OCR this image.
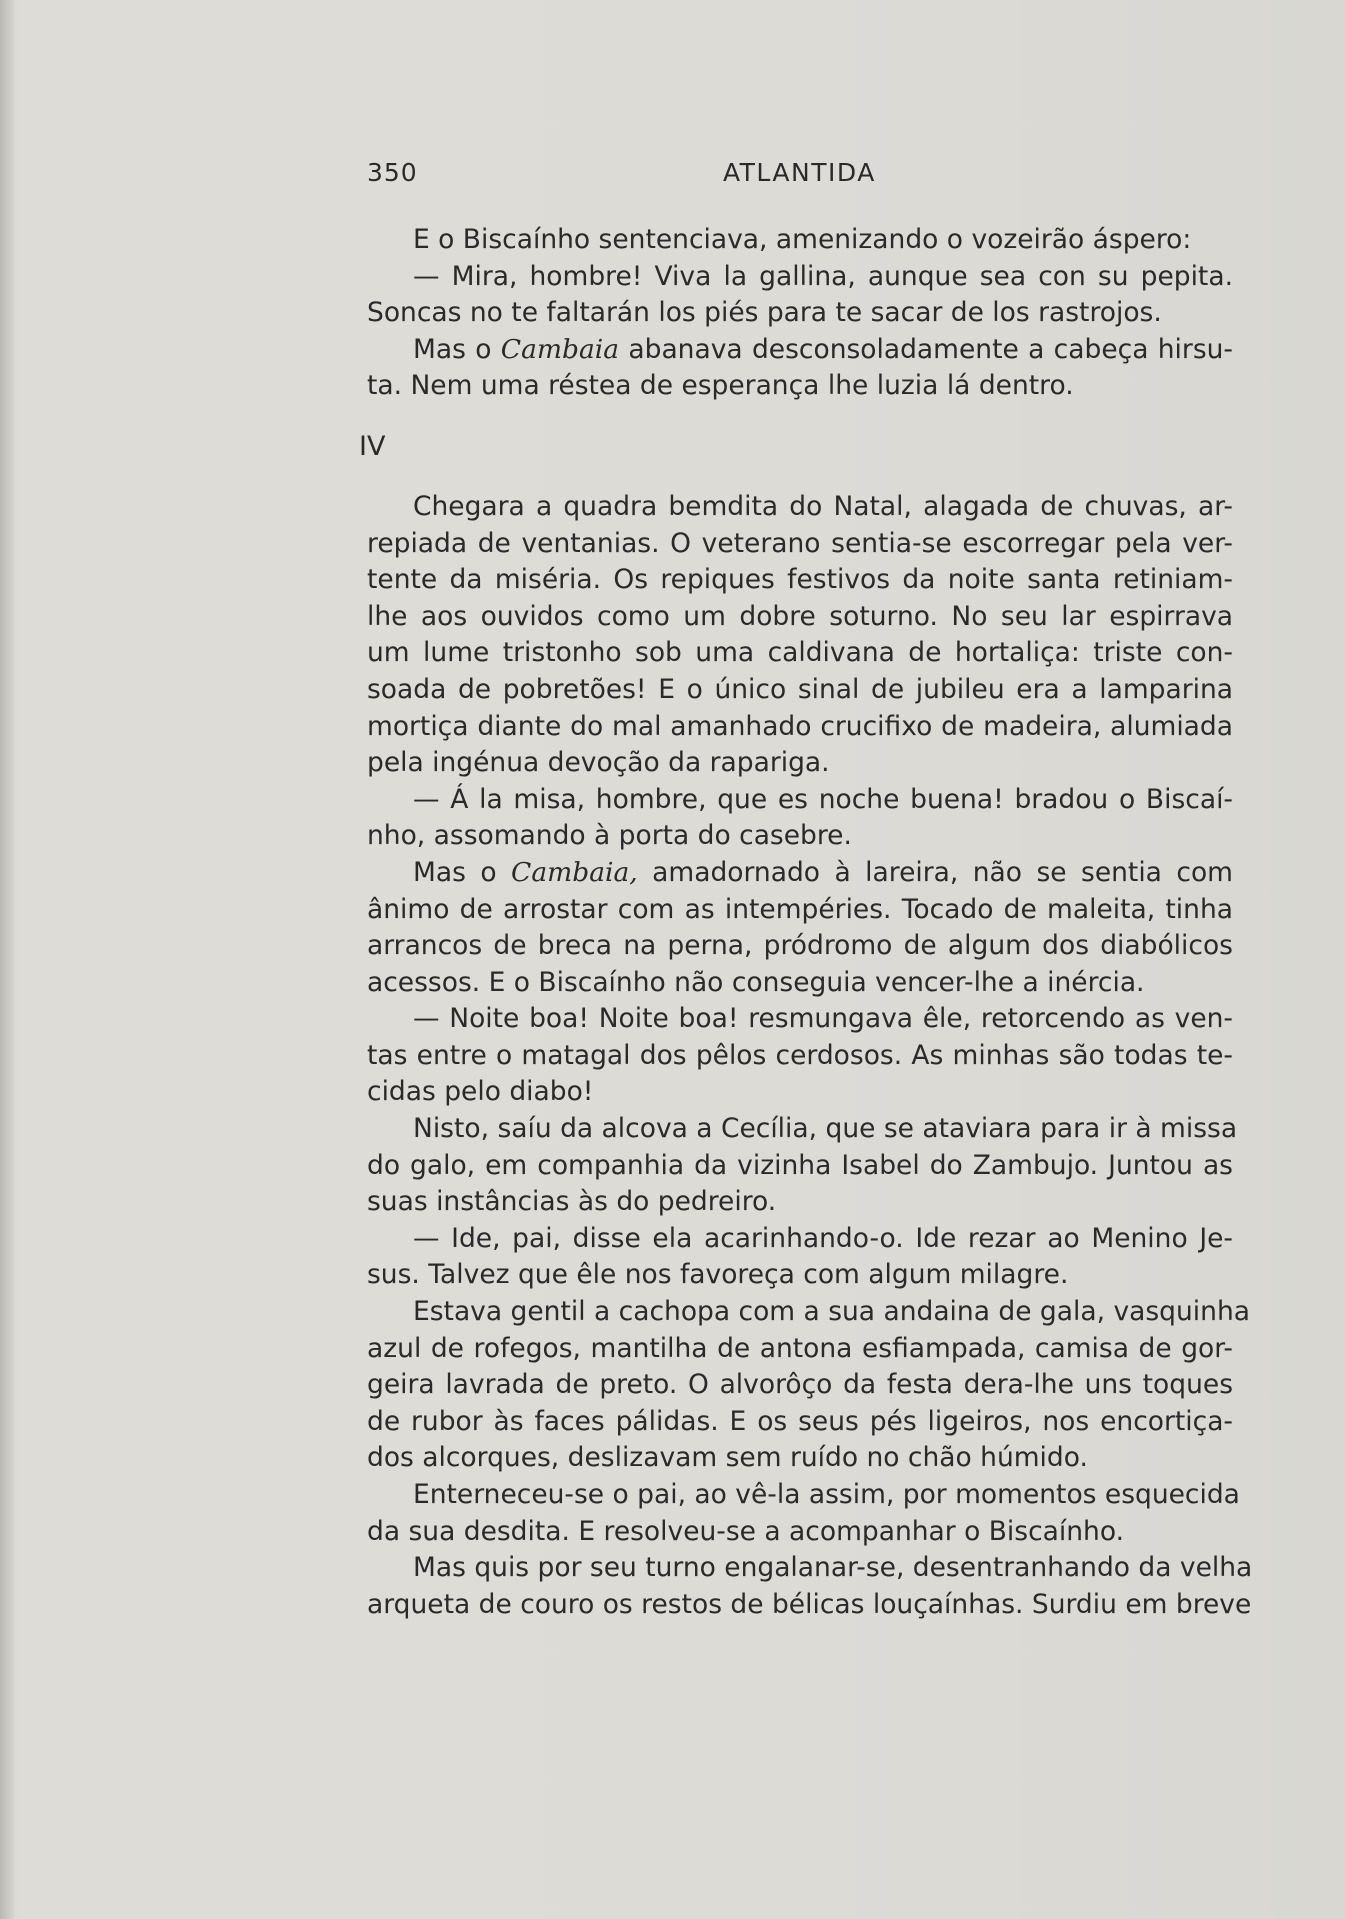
350	ATLANTIDA
E o Biscaínho sentenciava, amenizando o vozeirão áspero:
— Mira, hombre! Viva la gallina, aunque sea con su pepita.
Soncas no te faltarán los piés para te sacar de los rastrojos.
Mas o Cambaia abanava desconsoladamente a cabeça hirsu-
ta. Nem uma réstea de esperança lhe luzia lá dentro.
IV
Chegara a quadra bemdita do Natal, alagada de chuvas, ar-
repiada de ventanias. O veterano sentia-se escorregar pela ver-
tente da miséria. Os repiques festivos da noite santa retiniam-
lhe aos ouvidos como um dobre soturno. No seu lar espirrava
um lume tristonho sob uma caldivana de hortaliça: triste con-
soada de pobretões! E o único sinal de jubileu era a lamparina
mortiça diante do mal amanhado crucifixo de madeira, alumiada
pela ingénua devoção da rapariga.
— Á la misa, hombre, que es noche buena! bradou o Biscaí-
nho, assomando à porta do casebre.
Mas o Cambaia, amadornado à lareira, não se sentia com
ânimo de arrostar com as intempéries. Tocado de maleita, tinha
arrancos de breca na perna, pródromo de algum dos diabólicos
acessos. E o Biscaínho não conseguia vencer-lhe a inércia.
— Noite boa! Noite boa! resmungava êle, retorcendo as ven-
tas entre o matagal dos pêlos cerdosos. As minhas são todas te-
cidas pelo diabo!
Nisto, saíu da alcova a Cecília, que se ataviara para ir à missa
do galo, em companhia da vizinha Isabel do Zambujo. Juntou as
suas instâncias às do pedreiro.
— Ide, pai, disse ela acarinhando-o. Ide rezar ao Menino Je-
sus. Talvez que êle nos favoreça com algum milagre.
Estava gentil a cachopa com a sua andaina de gala, vasquinha
azul de rofegos, mantilha de antona esfiampada, camisa de gor-
geira lavrada de preto. O alvorôço da festa dera-lhe uns toques
de rubor às faces pálidas. E os seus pés ligeiros, nos encortiça-
dos alcorques, deslizavam sem ruído no chão húmido.
Enterneceu-se o pai, ao vê-la assim, por momentos esquecida
da sua desdita. E resolveu-se a acompanhar o Biscaínho.
Mas quis por seu turno engalanar-se, desentranhando da velha
arqueta de couro os restos de bélicas louçaínhas. Surdiu em breve
